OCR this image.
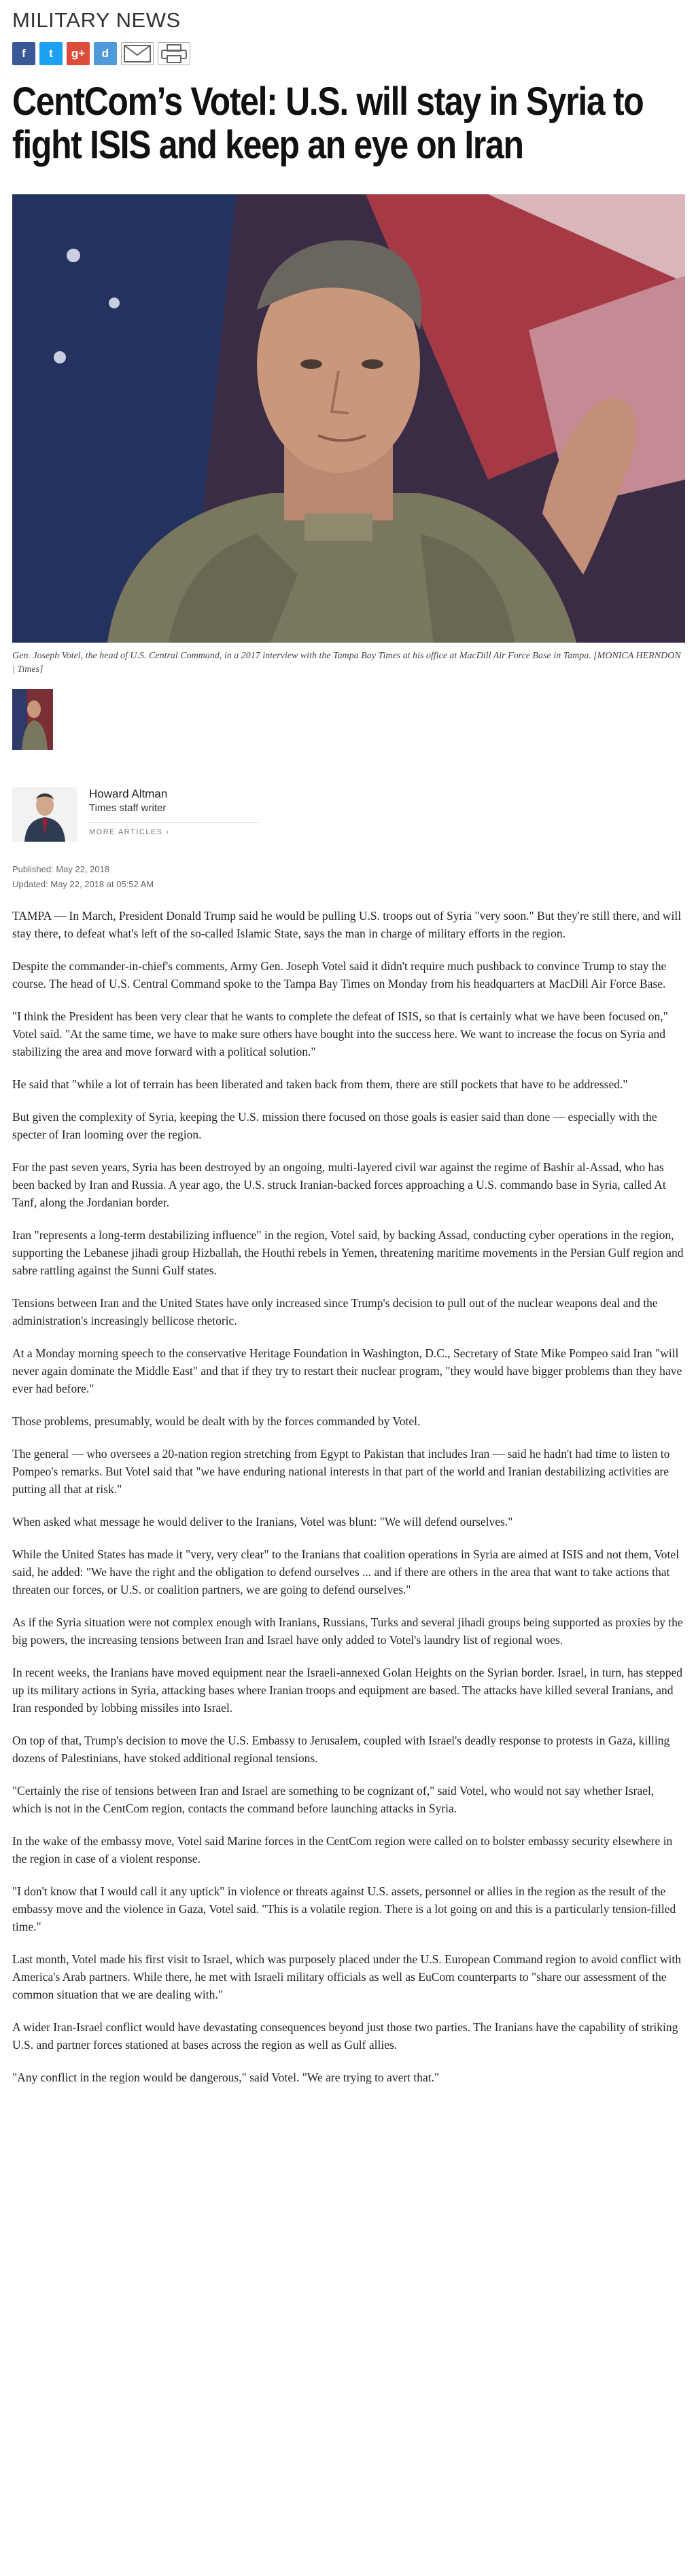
MILITARY NEWS
f t g+ d
CentCom’s Votel: U.S. will stay in Syria to fight ISIS and keep an eye on Iran
Gen. Joseph Votel, the head of U.S. Central Command, in a 2017 interview with the Tampa Bay Times at his office at MacDill Air Force Base in Tampa. [MONICA HERNDON | Times]
Howard Altman
Times staff writer
MORE ARTICLES ›
Published: May 22, 2018
Updated: May 22, 2018 at 05:52 AM

TAMPA — In March, President Donald Trump said he would be pulling U.S. troops out of Syria "very soon." But they're still there, and will stay there, to defeat what's left of the so-called Islamic State, says the man in charge of military efforts in the region.

Despite the commander-in-chief's comments, Army Gen. Joseph Votel said it didn't require much pushback to convince Trump to stay the course. The head of U.S. Central Command spoke to the Tampa Bay Times on Monday from his headquarters at MacDill Air Force Base.

"I think the President has been very clear that he wants to complete the defeat of ISIS, so that is certainly what we have been focused on," Votel said. "At the same time, we have to make sure others have bought into the success here. We want to increase the focus on Syria and stabilizing the area and move forward with a political solution."

He said that "while a lot of terrain has been liberated and taken back from them, there are still pockets that have to be addressed."

But given the complexity of Syria, keeping the U.S. mission there focused on those goals is easier said than done — especially with the specter of Iran looming over the region.

For the past seven years, Syria has been destroyed by an ongoing, multi-layered civil war against the regime of Bashir al-Assad, who has been backed by Iran and Russia. A year ago, the U.S. struck Iranian-backed forces approaching a U.S. commando base in Syria, called At Tanf, along the Jordanian border.

Iran "represents a long-term destabilizing influence" in the region, Votel said, by backing Assad, conducting cyber operations in the region, supporting the Lebanese jihadi group Hizballah, the Houthi rebels in Yemen, threatening maritime movements in the Persian Gulf region and sabre rattling against the Sunni Gulf states.

Tensions between Iran and the United States have only increased since Trump's decision to pull out of the nuclear weapons deal and the administration's increasingly bellicose rhetoric.

At a Monday morning speech to the conservative Heritage Foundation in Washington, D.C., Secretary of State Mike Pompeo said Iran "will never again dominate the Middle East" and that if they try to restart their nuclear program, "they would have bigger problems than they have ever had before."

Those problems, presumably, would be dealt with by the forces commanded by Votel.

The general — who oversees a 20-nation region stretching from Egypt to Pakistan that includes Iran — said he hadn't had time to listen to Pompeo's remarks. But Votel said that "we have enduring national interests in that part of the world and Iranian destabilizing activities are putting all that at risk."

When asked what message he would deliver to the Iranians, Votel was blunt: "We will defend ourselves."

While the United States has made it "very, very clear" to the Iranians that coalition operations in Syria are aimed at ISIS and not them, Votel said, he added: "We have the right and the obligation to defend ourselves ... and if there are others in the area that want to take actions that threaten our forces, or U.S. or coalition partners, we are going to defend ourselves."

As if the Syria situation were not complex enough with Iranians, Russians, Turks and several jihadi groups being supported as proxies by the big powers, the increasing tensions between Iran and Israel have only added to Votel's laundry list of regional woes.

In recent weeks, the Iranians have moved equipment near the Israeli-annexed Golan Heights on the Syrian border. Israel, in turn, has stepped up its military actions in Syria, attacking bases where Iranian troops and equipment are based. The attacks have killed several Iranians, and Iran responded by lobbing missiles into Israel.

On top of that, Trump's decision to move the U.S. Embassy to Jerusalem, coupled with Israel's deadly response to protests in Gaza, killing dozens of Palestinians, have stoked additional regional tensions.

"Certainly the rise of tensions between Iran and Israel are something to be cognizant of," said Votel, who would not say whether Israel, which is not in the CentCom region, contacts the command before launching attacks in Syria.

In the wake of the embassy move, Votel said Marine forces in the CentCom region were called on to bolster embassy security elsewhere in the region in case of a violent response.

"I don't know that I would call it any uptick" in violence or threats against U.S. assets, personnel or allies in the region as the result of the embassy move and the violence in Gaza, Votel said. "This is a volatile region. There is a lot going on and this is a particularly tension-filled time."

Last month, Votel made his first visit to Israel, which was purposely placed under the U.S. European Command region to avoid conflict with America's Arab partners. While there, he met with Israeli military officials as well as EuCom counterparts to "share our assessment of the common situation that we are dealing with."

A wider Iran-Israel conflict would have devastating consequences beyond just those two parties. The Iranians have the capability of striking U.S. and partner forces stationed at bases across the region as well as Gulf allies.

"Any conflict in the region would be dangerous," said Votel. "We are trying to avert that."
